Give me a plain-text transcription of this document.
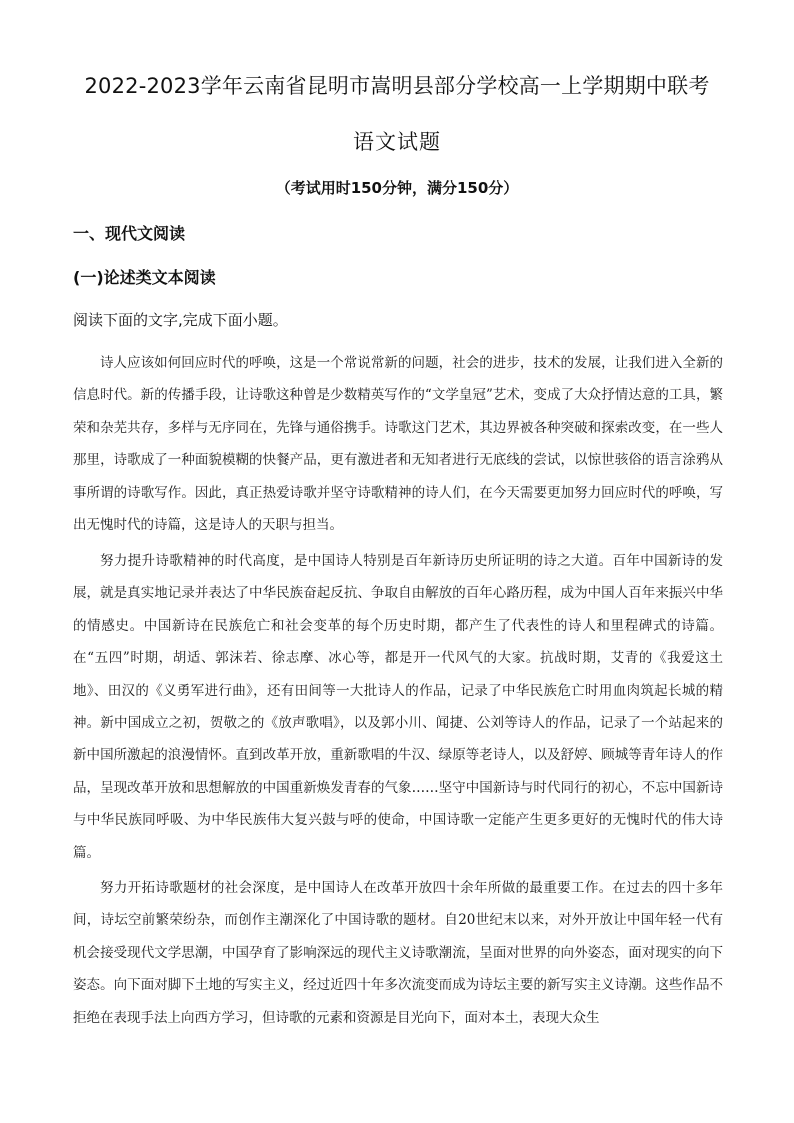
2022-2023学年云南省昆明市嵩明县部分学校高一上学期期中联考
语文试题
（考试用时150分钟，满分150分）
一、现代文阅读
(一)论述类文本阅读
阅读下面的文字,完成下面小题。

诗人应该如何回应时代的呼唤，这是一个常说常新的问题，社会的进步，技术的发展，让我们进入全新的信息时代。新的传播手段，让诗歌这种曾是少数精英写作的“文学皇冠”艺术，变成了大众抒情达意的工具，繁荣和杂芜共存，多样与无序同在，先锋与通俗携手。诗歌这门艺术，其边界被各种突破和探索改变，在一些人那里，诗歌成了一种面貌模糊的快餐产品，更有激进者和无知者进行无底线的尝试，以惊世骇俗的语言涂鸦从事所谓的诗歌写作。因此，真正热爱诗歌并坚守诗歌精神的诗人们，在今天需要更加努力回应时代的呼唤，写出无愧时代的诗篇，这是诗人的天职与担当。

努力提升诗歌精神的时代高度，是中国诗人特别是百年新诗历史所证明的诗之大道。百年中国新诗的发展，就是真实地记录并表达了中华民族奋起反抗、争取自由解放的百年心路历程，成为中国人百年来振兴中华的情感史。中国新诗在民族危亡和社会变革的每个历史时期，都产生了代表性的诗人和里程碑式的诗篇。在“五四”时期，胡适、郭沫若、徐志摩、冰心等，都是开一代风气的大家。抗战时期，艾青的《我爱这土地》、田汉的《义勇军进行曲》，还有田间等一大批诗人的作品，记录了中华民族危亡时用血肉筑起长城的精神。新中国成立之初，贺敬之的《放声歌唱》，以及郭小川、闻捷、公刘等诗人的作品，记录了一个站起来的新中国所激起的浪漫情怀。直到改革开放，重新歌唱的牛汉、绿原等老诗人，以及舒婷、顾城等青年诗人的作品，呈现改革开放和思想解放的中国重新焕发青春的气象……坚守中国新诗与时代同行的初心，不忘中国新诗与中华民族同呼吸、为中华民族伟大复兴鼓与呼的使命，中国诗歌一定能产生更多更好的无愧时代的伟大诗篇。

努力开拓诗歌题材的社会深度，是中国诗人在改革开放四十余年所做的最重要工作。在过去的四十多年间，诗坛空前繁荣纷杂，而创作主潮深化了中国诗歌的题材。自20世纪末以来，对外开放让中国年轻一代有机会接受现代文学思潮，中国孕育了影响深远的现代主义诗歌潮流，呈面对世界的向外姿态，面对现实的向下姿态。向下面对脚下土地的写实主义，经过近四十年多次流变而成为诗坛主要的新写实主义诗潮。这些作品不拒绝在表现手法上向西方学习，但诗歌的元素和资源是目光向下，面对本土，表现大众生
